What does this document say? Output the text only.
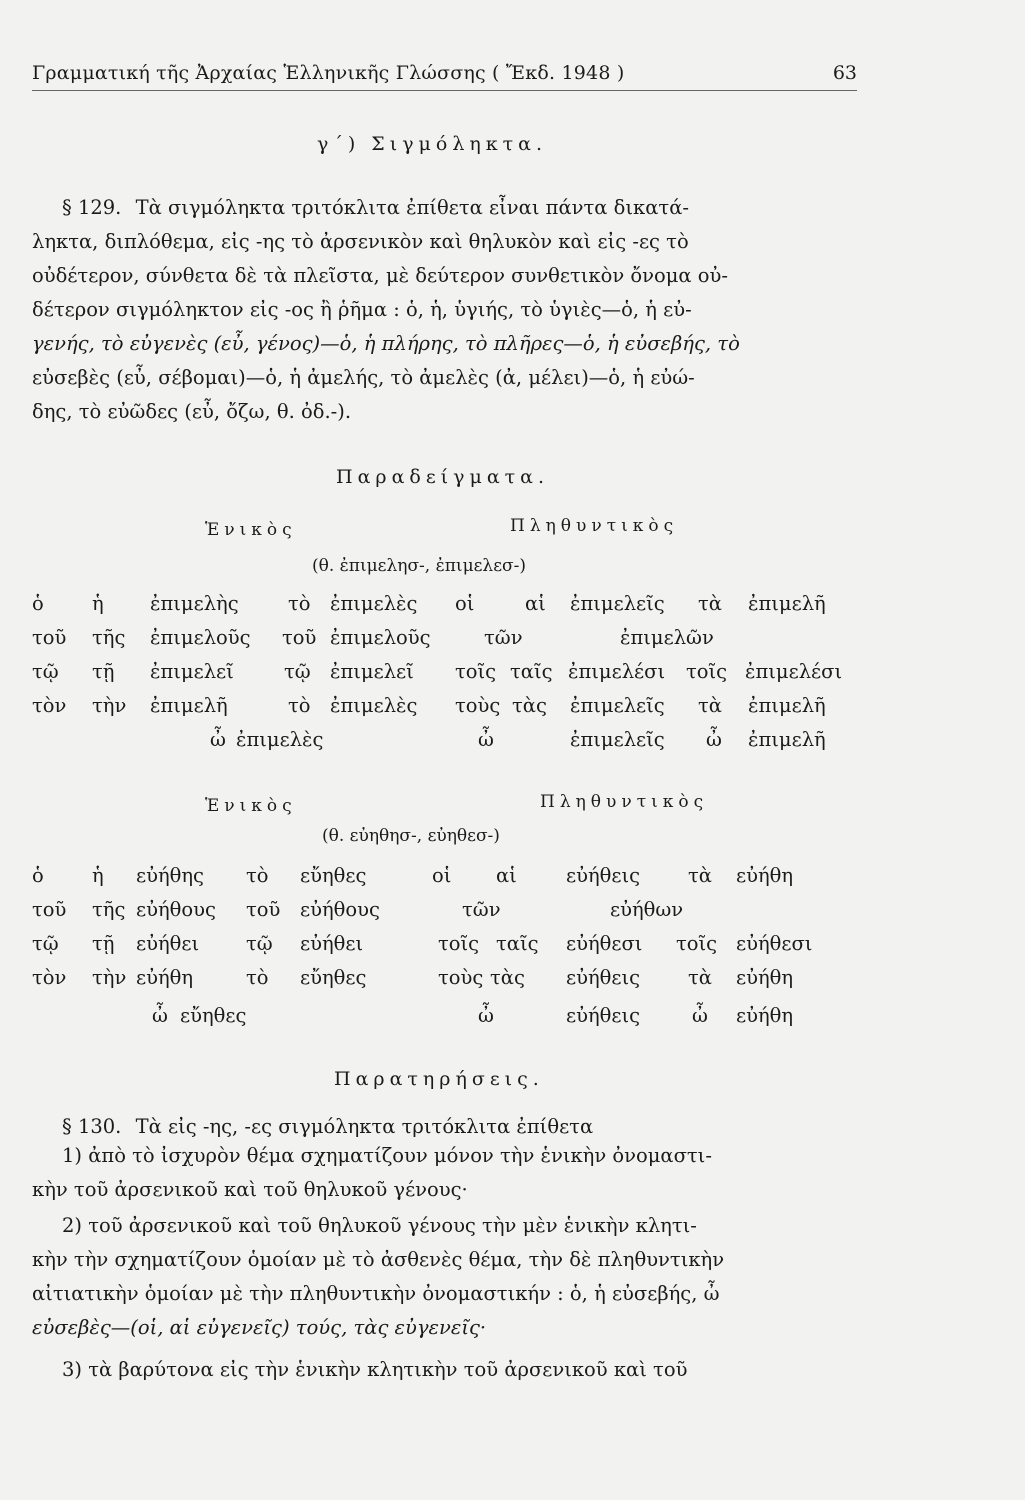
Γραμματική τῆς Ἀρχαίας Ἑλληνικῆς Γλώσσης ( Ἔκδ. 1948 )	63
γ΄) Σιγμόληκτα.
§ 129. Τὰ σιγμόληκτα τριτόκλιτα ἐπίθετα εἶναι πάντα δικατά-
ληκτα, διπλόθεμα, εἰς -ης τὸ ἀρσενικὸν καὶ θηλυκὸν καὶ εἰς -ες τὸ
οὐδέτερον, σύνθετα δὲ τὰ πλεῖστα, μὲ δεύτερον συνθετικὸν ὄνομα οὐ-
δέτερον σιγμόληκτον εἰς -ος ἢ ῥῆμα : ὁ, ἡ, ὑγιής, τὸ ὑγιὲς—ὁ, ἡ εὐ-
γενής, τὸ εὐγενὲς (εὖ, γένος)—ὁ, ἡ πλήρης, τὸ πλῆρες—ὁ, ἡ εὐσεβής, τὸ
εὐσεβὲς (εὖ, σέβομαι)—ὁ, ἡ ἀμελής, τὸ ἀμελὲς (ἀ, μέλει)—ὁ, ἡ εὐώ-
δης, τὸ εὐῶδες (εὖ, ὄζω, θ. ὀδ.-).
Παραδείγματα.
Ἑνικὸς	Πληθυντικὸς
(θ. ἐπιμελησ-, ἐπιμελεσ-)
ὁ ἡ ἐπιμελὴς	τὸ ἐπιμελὲς οἱ	αἱ ἐπιμελεῖς τὰ ἐπιμελῆ
τοῦ τῆς ἐπιμελοῦς τοῦ ἐπιμελοῦς	τῶν	ἐπιμελῶν
τῷ τῇ ἐπιμελεῖ	τῷ ἐπιμελεῖ τοῖς ταῖς ἐπιμελέσι τοῖς ἐπιμελέσι
τὸν τὴν ἐπιμελῆ	τὸ ἐπιμελὲς τοὺς τὰς ἐπιμελεῖς τὰ ἐπιμελῆ
ὦ ἐπιμελὲς	ὦ	ἐπιμελεῖς ὦ ἐπιμελῆ
Ἑνικὸς	Πληθυντικὸς
(θ. εὐηθησ-, εὐηθεσ-)
ὁ ἡ εὐήθης τὸ εὔηθες	οἱ αἱ	εὐήθεις τὰ εὐήθη
τοῦ τῆς εὐήθους τοῦ εὐήθους	τῶν	εὐήθων
τῷ τῇ εὐήθει τῷ εὐήθει	τοῖς ταῖς εὐήθεσι τοῖς εὐήθεσι
τὸν τὴν εὐήθη	τὸ εὔηθες	τοὺς τὰς εὐήθεις τὰ εὐήθη
ὦ εὔηθες	ὦ	εὐήθεις	ὦ εὐήθη
Παρατηρήσεις.
§ 130. Τὰ εἰς -ης, -ες σιγμόληκτα τριτόκλιτα ἐπίθετα
1) ἀπὸ τὸ ἰσχυρὸν θέμα σχηματίζουν μόνον τὴν ἑνικὴν ὀνομαστι-
κὴν τοῦ ἀρσενικοῦ καὶ τοῦ θηλυκοῦ γένους·
2) τοῦ ἀρσενικοῦ καὶ τοῦ θηλυκοῦ γένους τὴν μὲν ἑνικὴν κλητι-
κὴν τὴν σχηματίζουν ὁμοίαν μὲ τὸ ἀσθενὲς θέμα, τὴν δὲ πληθυντικὴν
αἰτιατικὴν ὁμοίαν μὲ τὴν πληθυντικὴν ὀνομαστικήν : ὁ, ἡ εὐσεβής, ὦ
εὐσεβὲς—(οἱ, αἱ εὐγενεῖς) τούς, τὰς εὐγενεῖς·
3) τὰ βαρύτονα εἰς τὴν ἑνικὴν κλητικὴν τοῦ ἀρσενικοῦ καὶ τοῦ
